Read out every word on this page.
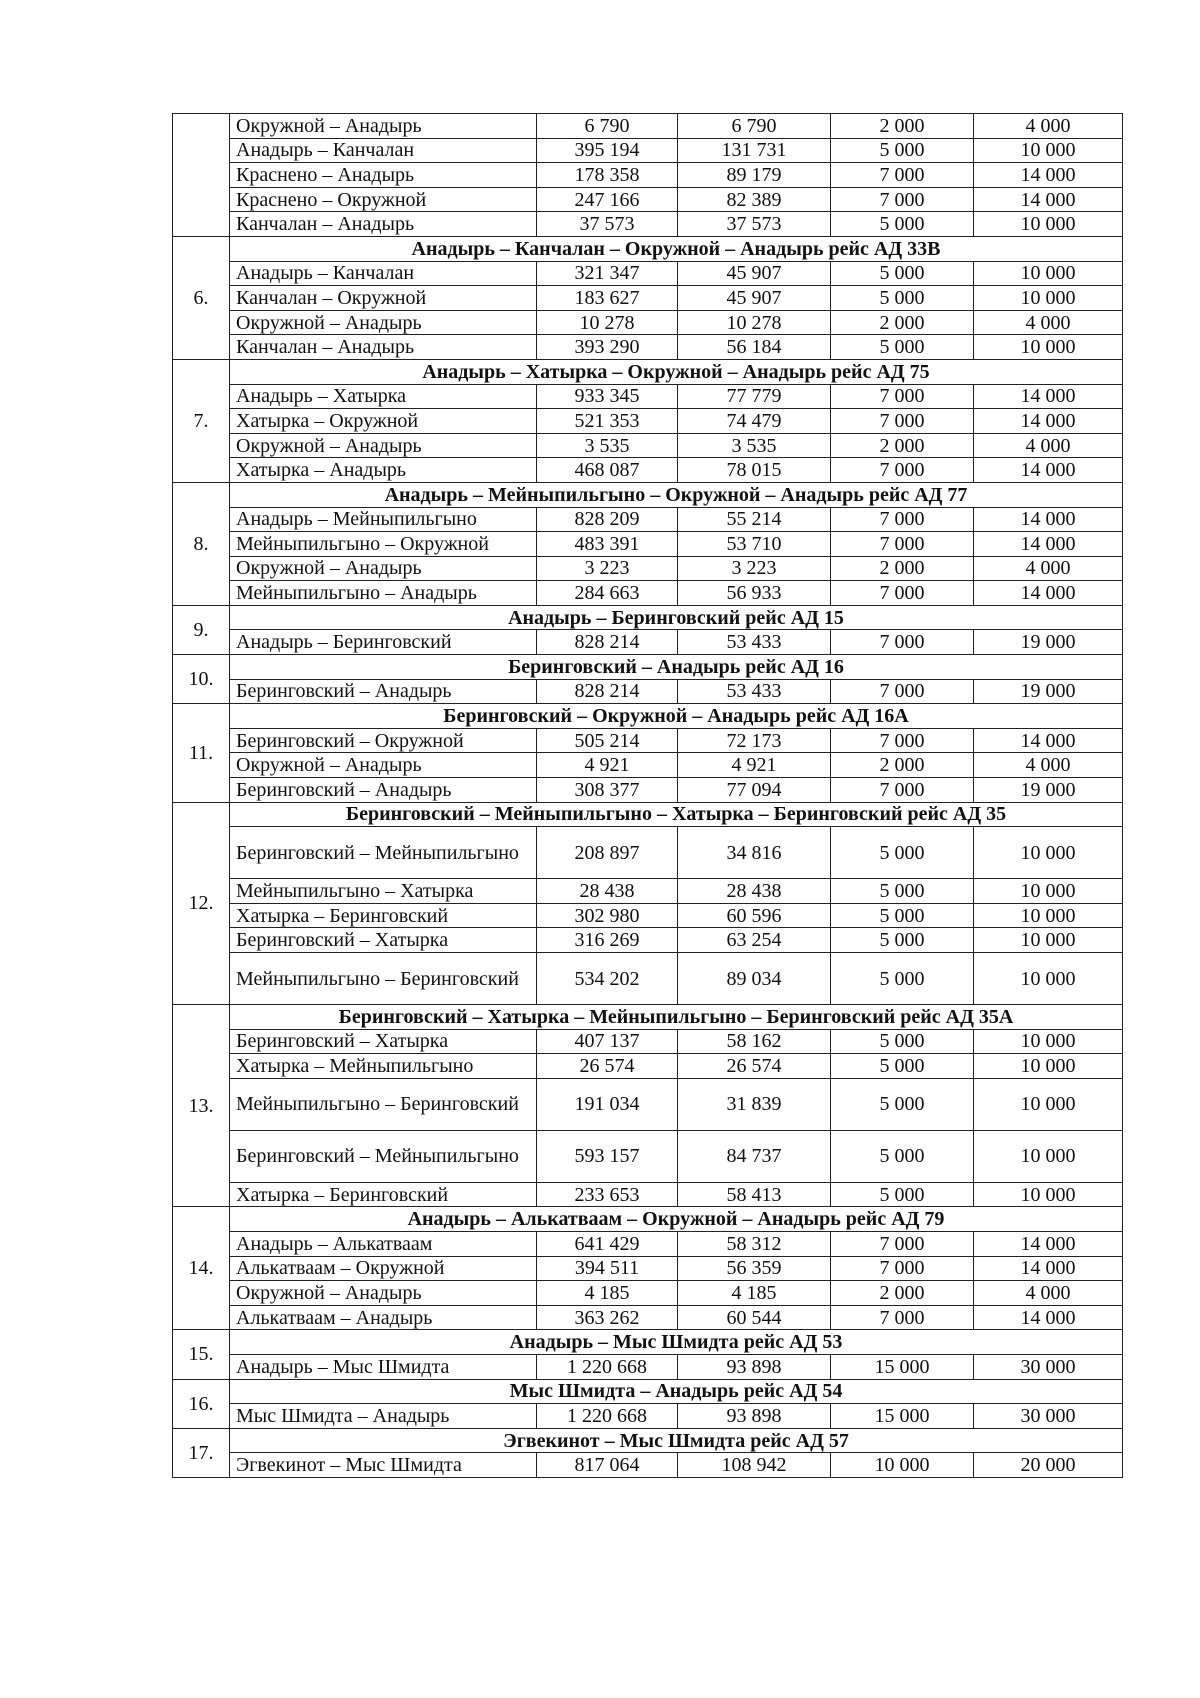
	Окружной – Анадырь	6 790	6 790	2 000	4 000
	Анадырь – Канчалан	395 194	131 731	5 000	10 000
	Краснено – Анадырь	178 358	89 179	7 000	14 000
	Краснено – Окружной	247 166	82 389	7 000	14 000
	Канчалан – Анадырь	37 573	37 573	5 000	10 000
6.	Анадырь – Канчалан – Окружной – Анадырь рейс АД 33В				
	Анадырь – Канчалан	321 347	45 907	5 000	10 000
	Канчалан – Окружной	183 627	45 907	5 000	10 000
	Окружной – Анадырь	10 278	10 278	2 000	4 000
	Канчалан – Анадырь	393 290	56 184	5 000	10 000
7.	Анадырь – Хатырка – Окружной – Анадырь рейс АД 75				
	Анадырь – Хатырка	933 345	77 779	7 000	14 000
	Хатырка – Окружной	521 353	74 479	7 000	14 000
	Окружной – Анадырь	3 535	3 535	2 000	4 000
	Хатырка – Анадырь	468 087	78 015	7 000	14 000
8.	Анадырь – Мейныпильгыно – Окружной – Анадырь рейс АД 77				
	Анадырь – Мейныпильгыно	828 209	55 214	7 000	14 000
	Мейныпильгыно – Окружной	483 391	53 710	7 000	14 000
	Окружной – Анадырь	3 223	3 223	2 000	4 000
	Мейныпильгыно – Анадырь	284 663	56 933	7 000	14 000
9.	Анадырь – Беринговский рейс АД 15				
	Анадырь – Беринговский	828 214	53 433	7 000	19 000
10.	Беринговский – Анадырь рейс АД 16				
	Беринговский – Анадырь	828 214	53 433	7 000	19 000
11.	Беринговский – Окружной – Анадырь рейс АД 16А				
	Беринговский – Окружной	505 214	72 173	7 000	14 000
	Окружной – Анадырь	4 921	4 921	2 000	4 000
	Беринговский – Анадырь	308 377	77 094	7 000	19 000
12.	Беринговский – Мейныпильгыно – Хатырка – Беринговский рейс АД 35				
	Беринговский – Мейныпильгыно	208 897	34 816	5 000	10 000
	Мейныпильгыно – Хатырка	28 438	28 438	5 000	10 000
	Хатырка – Беринговский	302 980	60 596	5 000	10 000
	Беринговский – Хатырка	316 269	63 254	5 000	10 000
	Мейныпильгыно – Беринговский	534 202	89 034	5 000	10 000
13.	Беринговский – Хатырка – Мейныпильгыно – Беринговский рейс АД 35А				
	Беринговский – Хатырка	407 137	58 162	5 000	10 000
	Хатырка – Мейныпильгыно	26 574	26 574	5 000	10 000
	Мейныпильгыно – Беринговский	191 034	31 839	5 000	10 000
	Беринговский – Мейныпильгыно	593 157	84 737	5 000	10 000
	Хатырка – Беринговский	233 653	58 413	5 000	10 000
14.	Анадырь – Алькатваам – Окружной – Анадырь рейс АД 79				
	Анадырь – Алькатваам	641 429	58 312	7 000	14 000
	Алькатваам – Окружной	394 511	56 359	7 000	14 000
	Окружной – Анадырь	4 185	4 185	2 000	4 000
	Алькатваам – Анадырь	363 262	60 544	7 000	14 000
15.	Анадырь – Мыс Шмидта рейс АД 53				
	Анадырь – Мыс Шмидта	1 220 668	93 898	15 000	30 000
16.	Мыс Шмидта – Анадырь рейс АД 54				
	Мыс Шмидта – Анадырь	1 220 668	93 898	15 000	30 000
17.	Эгвекинот – Мыс Шмидта рейс АД 57				
	Эгвекинот – Мыс Шмидта	817 064	108 942	10 000	20 000
